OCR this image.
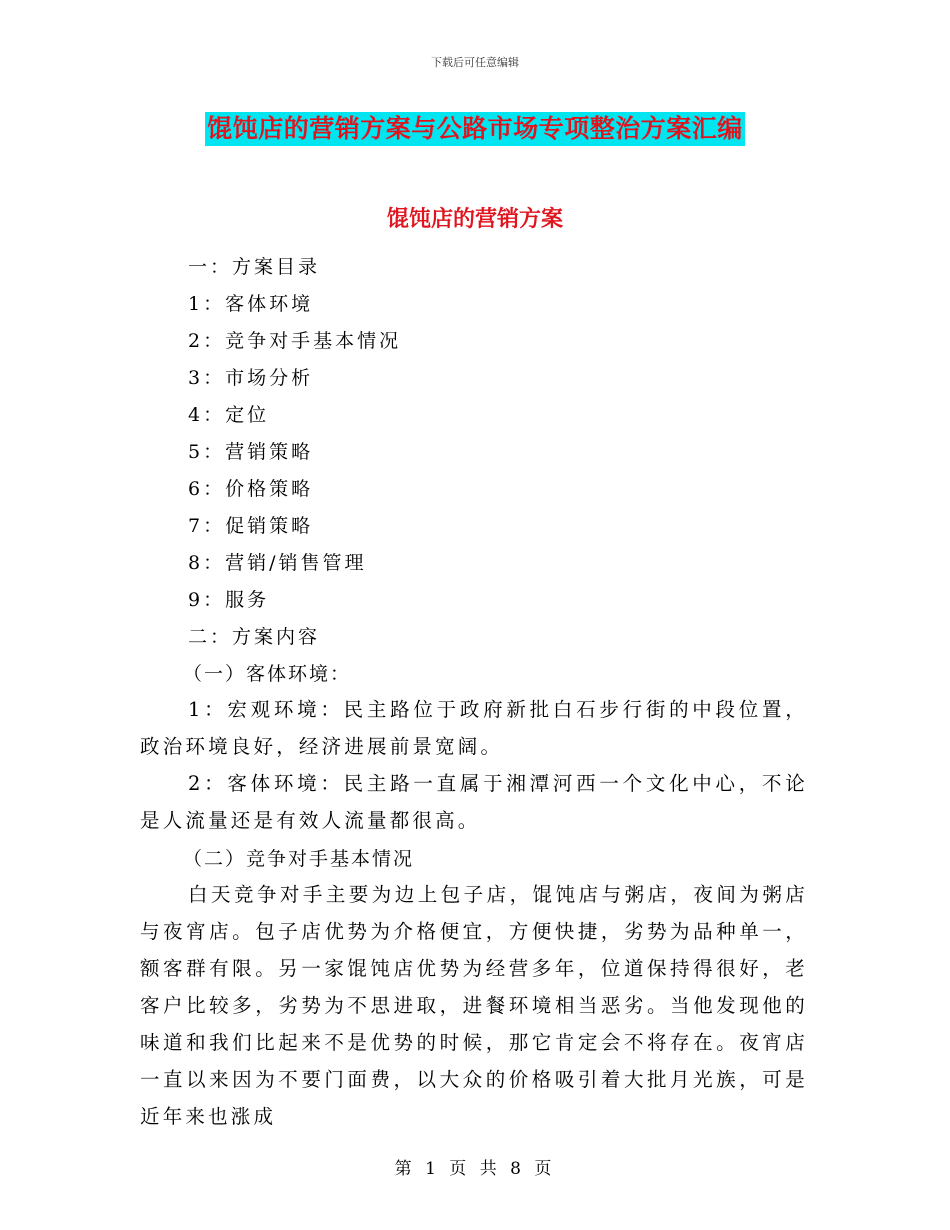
下载后可任意编辑
馄饨店的营销方案与公路市场专项整治方案汇编
馄饨店的营销方案
一：方案目录
1：客体环境
2：竞争对手基本情况
3：市场分析
4：定位
5：营销策略
6：价格策略
7：促销策略
8：营销/销售管理
9：服务
二：方案内容
（一）客体环境：
1：宏观环境：民主路位于政府新批白石步行街的中段位置，政治环境良好，经济进展前景宽阔。
2：客体环境：民主路一直属于湘潭河西一个文化中心，不论是人流量还是有效人流量都很高。
（二）竞争对手基本情况
白天竞争对手主要为边上包子店，馄饨店与粥店，夜间为粥店与夜宵店。包子店优势为介格便宜，方便快捷，劣势为品种单一，额客群有限。另一家馄饨店优势为经营多年，位道保持得很好，老客户比较多，劣势为不思进取，进餐环境相当恶劣。当他发现他的味道和我们比起来不是优势的时候，那它肯定会不将存在。夜宵店一直以来因为不要门面费，以大众的价格吸引着大批月光族，可是近年来也涨成
第 1 页 共 8 页
